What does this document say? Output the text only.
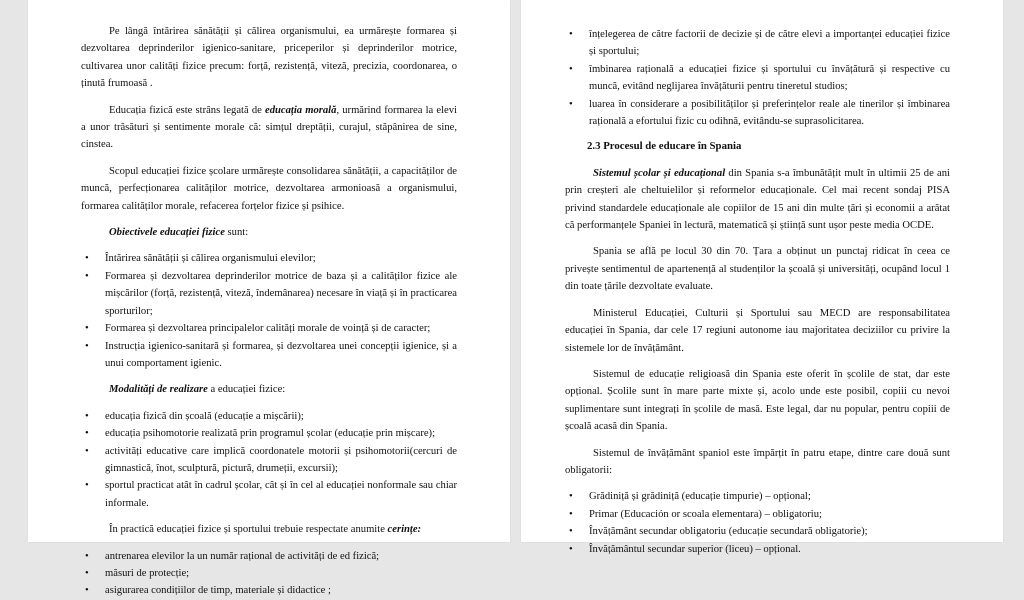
Pe lângă întărirea sănătății și călirea organismului, ea urmărește formarea și dezvoltarea deprinderilor igienico-sanitare, priceperilor și deprinderilor motrice, cultivarea unor calități fizice precum: forță, rezistență, viteză, precizia, coordonarea, o ținută frumoasă .

Educația fizică este strâns legată de educația morală, urmărind formarea la elevi a unor trăsături și sentimente morale că: simțul dreptății, curajul, stăpânirea de sine, cinstea.

Scopul educației fizice școlare urmărește consolidarea sănătății, a capacităților de muncă, perfecționarea calităților motrice, dezvoltarea armonioasă a organismului, formarea calităților morale, refacerea forțelor fizice și psihice.

Obiectivele educației fizice sunt:

• Întărirea sănătății și călirea organismului elevilor;
• Formarea și dezvoltarea deprinderilor motrice de baza și a calităților fizice ale mișcărilor (forță, rezistență, viteză, îndemânarea) necesare în viață și în practicarea sporturilor;
• Formarea și dezvoltarea principalelor calități morale de voință și de caracter;
• Instrucția igienico-sanitară și formarea, și dezvoltarea unei concepții igienice, și a unui comportament igienic.

Modalități de realizare a educației fizice:

• educația fizică din școală (educație a mișcării);
• educația psihomotorie realizată prin programul școlar (educație prin mișcare);
• activități educative care implică coordonatele motorii și psihomotorii(cercuri de gimnastică, înot, sculptură, pictură, drumeții, excursii);
• sportul practicat atât în cadrul școlar, cât și în cel al educației nonformale sau chiar informale.

În practică educației fizice și sportului trebuie respectate anumite cerințe:

• antrenarea elevilor la un număr rațional de activități de ed fizică;
• măsuri de protecție;
• asigurarea condițiilor de timp, materiale și didactice ;
• înțelegerea de către factorii de decizie și de către elevi a importanței educației fizice și sportului;
• îmbinarea rațională a educației fizice și sportului cu învățătură și respective cu muncă, evitând neglijarea învățăturii pentru tineretul studios;
• luarea în considerare a posibilităților și preferințelor reale ale tinerilor și îmbinarea rațională a efortului fizic cu odihnă, evitându-se suprasolicitarea.
2.3 Procesul de educare în Spania

Sistemul școlar și educațional din Spania s-a îmbunătățit mult în ultimii 25 de ani prin creșteri ale cheltuielilor și reformelor educaționale. Cel mai recent sondaj PISA privind standardele educaționale ale copiilor de 15 ani din multe țări și economii a arătat că performanțele Spaniei în lectură, matematică și știință sunt ușor peste media OCDE.

Spania se află pe locul 30 din 70. Țara a obținut un punctaj ridicat în ceea ce privește sentimentul de apartenență al studenților la școală și universități, ocupând locul 1 din toate țările dezvoltate evaluate.

Ministerul Educației, Culturii și Sportului sau MECD are responsabilitatea educației în Spania, dar cele 17 regiuni autonome iau majoritatea deciziilor cu privire la sistemele lor de învățământ.

Sistemul de educație religioasă din Spania este oferit în școlile de stat, dar este opțional. Școlile sunt în mare parte mixte și, acolo unde este posibil, copiii cu nevoi suplimentare sunt integrați în școlile de masă. Este legal, dar nu popular, pentru copiii de școală acasă din Spania.

Sistemul de învățământ spaniol este împărțit în patru etape, dintre care două sunt obligatorii:

• Grădiniță și grădiniță (educație timpurie) – opțional;
• Primar (Educación or scoala elementara) – obligatoriu;
• Învățământ secundar obligatoriu (educație secundară obligatorie);
• Învățământul secundar superior (liceu) – opțional.
